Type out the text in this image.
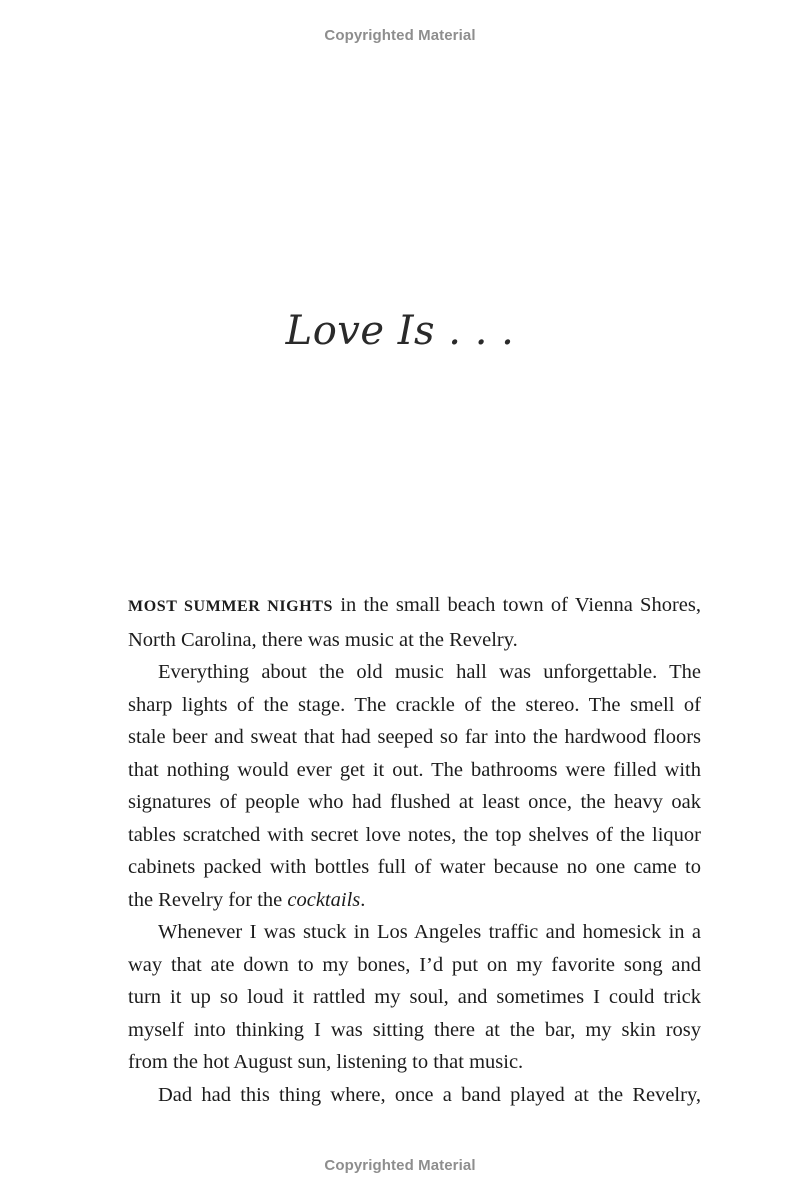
Copyrighted Material
Love Is . . .

MOST SUMMER NIGHTS in the small beach town of Vienna Shores,
North Carolina, there was music at the Revelry.

Everything about the old music hall was unforgettable. The
sharp lights of the stage. The crackle of the stereo. The smell of
stale beer and sweat that had seeped so far into the hardwood floors
that nothing would ever get it out. The bathrooms were filled with
signatures of people who had flushed at least once, the heavy oak
tables scratched with secret love notes, the top shelves of the liquor
cabinets packed with bottles full of water because no one came to
the Revelry for the cocktails.

Whenever I was stuck in Los Angeles traffic and homesick in a
way that ate down to my bones, I’d put on my favorite song and
turn it up so loud it rattled my soul, and sometimes I could trick
myself into thinking I was sitting there at the bar, my skin rosy
from the hot August sun, listening to that music.

Dad had this thing where, once a band played at the Revelry,

Copyrighted Material
